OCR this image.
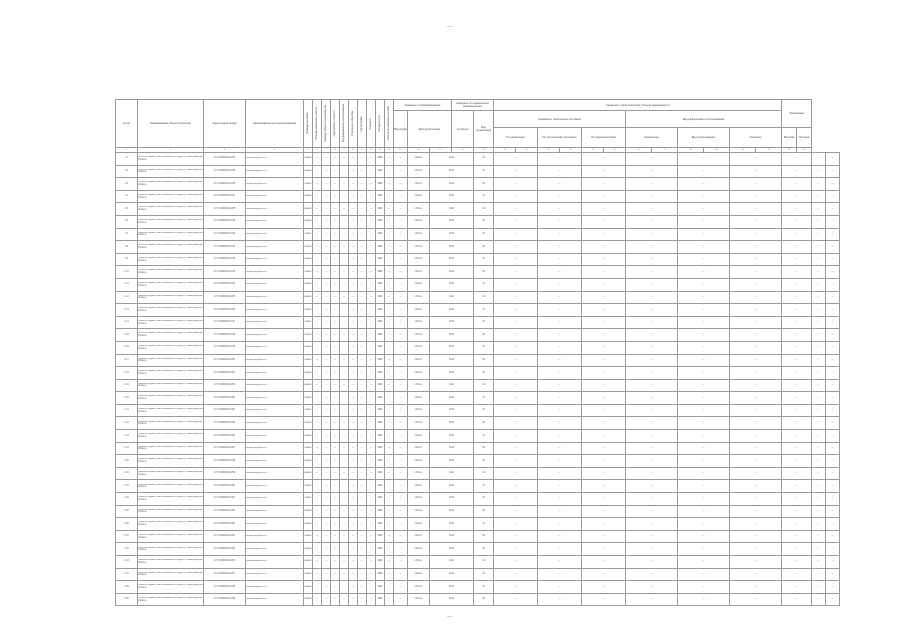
—
№ п/п	Наименование объекта (позиция)	Кадастровый номер	Наименование месторасположения	Площадь застройки	Площадь земельного участка	Площадь объекта по документам	Кадастровая стоимость	Вид разрешенного использования	Отнесение к объектам	Год постройки	Этажность	Материал стен	Количество подземных этажей	Сведения о правообладателе			Сведения об ограничениях (обременениях)		Сведения о характеристиках объекта недвижимости												Примечание			
														Вид права	Дата регистрации		№ записи	Вид ограничения	Сведения о техническом состоянии						Вид разрешенного использования									
																			По назначению		По техническому состоянию		По характеристикам		Назначение		Вид использования		Сведения		Выписка	Источник		
1	2	3	4	5	6	7	8	9	10	11	12	13	14	15	16	17	18	19	20	21	22	23	24	25	26	27	28	29	30	31	32	33		
1.1	Нежилое здание, расположенное по адресу: Ленинградская область	47:14:0000000:1234	Ленинградская обл.	нежил	—	—	—	—	—	—	—	1962	—	—	собств.	2014		34	—		—		—		—		—		—		—		—	—
1.2	Нежилое здание, расположенное по адресу: Ленинградская область	47:14:0000000:1235	Ленинградская обл.	нежил	—	—	—	—	—	—	—	1962	—	—	собств.	2014		34	—		—		—		—		—		—		—		—	—
1.3	Нежилое здание, расположенное по адресу: Ленинградская область	47:14:0000000:1236	Ленинградская обл.	нежил	—	—	—	—	—	—	—	1962	—	—	собств.	2014		34	—		—		—		—		—		—		—		—	—
1.4	Нежилое здание, расположенное по адресу: Ленинградская область	47:14:0000000:1237	Ленинградская обл.	нежил	—	—	—	—	—	—	—	1962	—	—	собств.	2014		34	—		—		—		—		—		—		—		—	—
1.5	Нежилое здание, расположенное по адресу: Ленинградская область	47:14:0000000:1238	Ленинградская обл.	нежил	—	—	—	—	—	—	—	1962	—	—	собств.	2014		34	—		—		—		—		—		—		—		—	—
1.6	Нежилое здание, расположенное по адресу: Ленинградская область	47:14:0000000:1239	Ленинградская обл.	нежил	—	—	—	—	—	—	—	1962	—	—	собств.	2014		34	—		—		—		—		—		—		—		—	—
1.7	Нежилое здание, расположенное по адресу: Ленинградская область	47:14:0000000:1240	Ленинградская обл.	нежил	—	—	—	—	—	—	—	1962	—	—	собств.	2014		34	—		—		—		—		—		—		—		—	—
1.8	Нежилое здание, расположенное по адресу: Ленинградская область	47:14:0000000:1241	Ленинградская обл.	нежил	—	—	—	—	—	—	—	1962	—	—	собств.	2014		34	—		—		—		—		—		—		—		—	—
1.9	Нежилое здание, расположенное по адресу: Ленинградская область	47:14:0000000:1242	Ленинградская обл.	нежил	—	—	—	—	—	—	—	1962	—	—	собств.	2014		34	—		—		—		—		—		—		—		—	—
1.10	Нежилое здание, расположенное по адресу: Ленинградская область	47:14:0000000:1243	Ленинградская обл.	нежил	—	—	—	—	—	—	—	1962	—	—	собств.	2014		34	—		—		—		—		—		—		—		—	—
1.11	Нежилое здание, расположенное по адресу: Ленинградская область	47:14:0000000:1244	Ленинградская обл.	нежил	—	—	—	—	—	—	—	1962	—	—	собств.	2014		34	—		—		—		—		—		—		—		—	—
1.12	Нежилое здание, расположенное по адресу: Ленинградская область	47:14:0000000:1245	Ленинградская обл.	нежил	—	—	—	—	—	—	—	1962	—	—	собств.	2014		34	—		—		—		—		—		—		—		—	—
1.13	Нежилое здание, расположенное по адресу: Ленинградская область	47:14:0000000:1246	Ленинградская обл.	нежил	—	—	—	—	—	—	—	1962	—	—	собств.	2014		34	—		—		—		—		—		—		—		—	—
1.14	Нежилое здание, расположенное по адресу: Ленинградская область	47:14:0000000:1247	Ленинградская обл.	нежил	—	—	—	—	—	—	—	1962	—	—	собств.	2014		34	—		—		—		—		—		—		—		—	—
1.15	Нежилое здание, расположенное по адресу: Ленинградская область	47:14:0000000:1248	Ленинградская обл.	нежил	—	—	—	—	—	—	—	1962	—	—	собств.	2014		34	—		—		—		—		—		—		—		—	—
1.16	Нежилое здание, расположенное по адресу: Ленинградская область	47:14:0000000:1249	Ленинградская обл.	нежил	—	—	—	—	—	—	—	1962	—	—	собств.	2014		34	—		—		—		—		—		—		—		—	—
1.17	Нежилое здание, расположенное по адресу: Ленинградская область	47:14:0000000:1250	Ленинградская обл.	нежил	—	—	—	—	—	—	—	1962	—	—	собств.	2014		34	—		—		—		—		—		—		—		—	—
1.18	Нежилое здание, расположенное по адресу: Ленинградская область	47:14:0000000:1251	Ленинградская обл.	нежил	—	—	—	—	—	—	—	1962	—	—	собств.	2014		34	—		—		—		—		—		—		—		—	—
1.19	Нежилое здание, расположенное по адресу: Ленинградская область	47:14:0000000:1252	Ленинградская обл.	нежил	—	—	—	—	—	—	—	1962	—	—	собств.	2014		34	—		—		—		—		—		—		—		—	—
1.20	Нежилое здание, расположенное по адресу: Ленинградская область	47:14:0000000:1253	Ленинградская обл.	нежил	—	—	—	—	—	—	—	1962	—	—	собств.	2014		34	—		—		—		—		—		—		—		—	—
1.21	Нежилое здание, расположенное по адресу: Ленинградская область	47:14:0000000:1254	Ленинградская обл.	нежил	—	—	—	—	—	—	—	1962	—	—	собств.	2014		34	—		—		—		—		—		—		—		—	—
1.22	Нежилое здание, расположенное по адресу: Ленинградская область	47:14:0000000:1255	Ленинградская обл.	нежил	—	—	—	—	—	—	—	1962	—	—	собств.	2014		34	—		—		—		—		—		—		—		—	—
1.23	Нежилое здание, расположенное по адресу: Ленинградская область	47:14:0000000:1256	Ленинградская обл.	нежил	—	—	—	—	—	—	—	1962	—	—	собств.	2014		34	—		—		—		—		—		—		—		—	—
1.24	Нежилое здание, расположенное по адресу: Ленинградская область	47:14:0000000:1257	Ленинградская обл.	нежил	—	—	—	—	—	—	—	1962	—	—	собств.	2014		34	—		—		—		—		—		—		—		—	—
1.25	Нежилое здание, расположенное по адресу: Ленинградская область	47:14:0000000:1258	Ленинградская обл.	нежил	—	—	—	—	—	—	—	1962	—	—	собств.	2014		34	—		—		—		—		—		—		—		—	—
1.26	Нежилое здание, расположенное по адресу: Ленинградская область	47:14:0000000:1259	Ленинградская обл.	нежил	—	—	—	—	—	—	—	1962	—	—	собств.	2014		34	—		—		—		—		—		—		—		—	—
1.27	Нежилое здание, расположенное по адресу: Ленинградская область	47:14:0000000:1260	Ленинградская обл.	нежил	—	—	—	—	—	—	—	1962	—	—	собств.	2014		34	—		—		—		—		—		—		—		—	—
1.28	Нежилое здание, расположенное по адресу: Ленинградская область	47:14:0000000:1261	Ленинградская обл.	нежил	—	—	—	—	—	—	—	1962	—	—	собств.	2014		34	—		—		—		—		—		—		—		—	—
1.29	Нежилое здание, расположенное по адресу: Ленинградская область	47:14:0000000:1262	Ленинградская обл.	нежил	—	—	—	—	—	—	—	1962	—	—	собств.	2014		34	—		—		—		—		—		—		—		—	—
1.30	Нежилое здание, расположенное по адресу: Ленинградская область	47:14:0000000:1263	Ленинградская обл.	нежил	—	—	—	—	—	—	—	1962	—	—	собств.	2014		34	—		—		—		—		—		—		—		—	—
1.31	Нежилое здание, расположенное по адресу: Ленинградская область	47:14:0000000:1264	Ленинградская обл.	нежил	—	—	—	—	—	—	—	1962	—	—	собств.	2014		34	—		—		—		—		—		—		—		—	—
1.32	Нежилое здание, расположенное по адресу: Ленинградская область	47:14:0000000:1265	Ленинградская обл.	нежил	—	—	—	—	—	—	—	1962	—	—	собств.	2014		34	—		—		—		—		—		—		—		—	—
1.33	Нежилое здание, расположенное по адресу: Ленинградская область	47:14:0000000:1266	Ленинградская обл.	нежил	—	—	—	—	—	—	—	1962	—	—	собств.	2014		34	—		—		—		—		—		—		—		—	—
1.34	Нежилое здание, расположенное по адресу: Ленинградская область	47:14:0000000:1267	Ленинградская обл.	нежил	—	—	—	—	—	—	—	1962	—	—	собств.	2014		34	—		—		—		—		—		—		—		—	—
1.35	Нежилое здание, расположенное по адресу: Ленинградская область	47:14:0000000:1268	Ленинградская обл.	нежил	—	—	—	—	—	—	—	1962	—	—	собств.	2014		34	—		—		—		—		—		—		—		—	—
1.36	Нежилое здание, расположенное по адресу: Ленинградская область	47:14:0000000:1269	Ленинградская обл.	нежил	—	—	—	—	—	—	—	1962	—	—	собств.	2014		34	—		—		—		—		—		—		—		—	—
—
